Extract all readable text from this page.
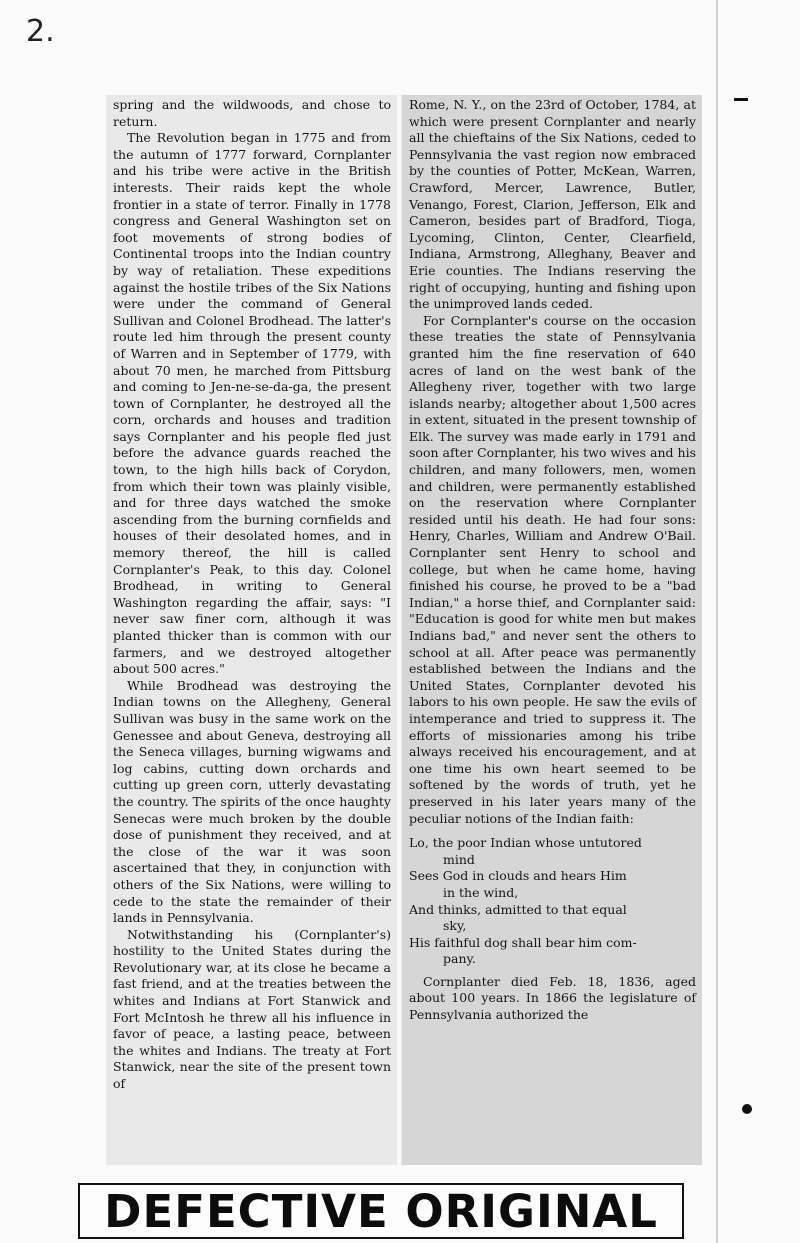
2.

spring and the wildwoods, and chose to return.

The Revolution began in 1775 and from the autumn of 1777 forward, Cornplanter and his tribe were active in the British interests. Their raids kept the whole frontier in a state of terror. Finally in 1778 congress and General Washington set on foot movements of strong bodies of Continental troops into the Indian country by way of retaliation. These expeditions against the hostile tribes of the Six Nations were under the command of General Sullivan and Colonel Brodhead. The latter's route led him through the present county of Warren and in September of 1779, with about 70 men, he marched from Pittsburg and coming to Jen-ne-se-da-ga, the present town of Cornplanter, he destroyed all the corn, orchards and houses and tradition says Cornplanter and his people fled just before the advance guards reached the town, to the high hills back of Corydon, from which their town was plainly visible, and for three days watched the smoke ascending from the burning cornfields and houses of their desolated homes, and in memory thereof, the hill is called Cornplanter's Peak, to this day. Colonel Brodhead, in writing to General Washington regarding the affair, says: "I never saw finer corn, although it was planted thicker than is common with our farmers, and we destroyed altogether about 500 acres."

While Brodhead was destroying the Indian towns on the Allegheny, General Sullivan was busy in the same work on the Genessee and about Geneva, destroying all the Seneca villages, burning wigwams and log cabins, cutting down orchards and cutting up green corn, utterly devastating the country. The spirits of the once haughty Senecas were much broken by the double dose of punishment they received, and at the close of the war it was soon ascertained that they, in conjunction with others of the Six Nations, were willing to cede to the state the remainder of their lands in Pennsylvania.

Notwithstanding his (Cornplanter's) hostility to the United States during the Revolutionary war, at its close he became a fast friend, and at the treaties between the whites and Indians at Fort Stanwick and Fort McIntosh he threw all his influence in favor of peace, a lasting peace, between the whites and Indians. The treaty at Fort Stanwick, near the site of the present town of

Rome, N. Y., on the 23rd of October, 1784, at which were present Cornplanter and nearly all the chieftains of the Six Nations, ceded to Pennsylvania the vast region now embraced by the counties of Potter, McKean, Warren, Crawford, Mercer, Lawrence, Butler, Venango, Forest, Clarion, Jefferson, Elk and Cameron, besides part of Bradford, Tioga, Lycoming, Clinton, Center, Clearfield, Indiana, Armstrong, Alleghany, Beaver and Erie counties. The Indians reserving the right of occupying, hunting and fishing upon the unimproved lands ceded.

For Cornplanter's course on the occasion these treaties the state of Pennsylvania granted him the fine reservation of 640 acres of land on the west bank of the Allegheny river, together with two large islands nearby; altogether about 1,500 acres in extent, situated in the present township of Elk. The survey was made early in 1791 and soon after Cornplanter, his two wives and his children, and many followers, men, women and children, were permanently established on the reservation where Cornplanter resided until his death. He had four sons: Henry, Charles, William and Andrew O'Bail. Cornplanter sent Henry to school and college, but when he came home, having finished his course, he proved to be a "bad Indian," a horse thief, and Cornplanter said: "Education is good for white men but makes Indians bad," and never sent the others to school at all. After peace was permanently established between the Indians and the United States, Cornplanter devoted his labors to his own people. He saw the evils of intemperance and tried to suppress it. The efforts of missionaries among his tribe always received his encouragement, and at one time his own heart seemed to be softened by the words of truth, yet he preserved in his later years many of the peculiar notions of the Indian faith:

Lo, the poor Indian whose untutored

mind

Sees God in clouds and hears Him

in the wind,

And thinks, admitted to that equal

sky,

His faithful dog shall bear him com-

pany.

Cornplanter died Feb. 18, 1836, aged about 100 years. In 1866 the legislature of Pennsylvania authorized the

DEFECTIVE ORIGINAL
